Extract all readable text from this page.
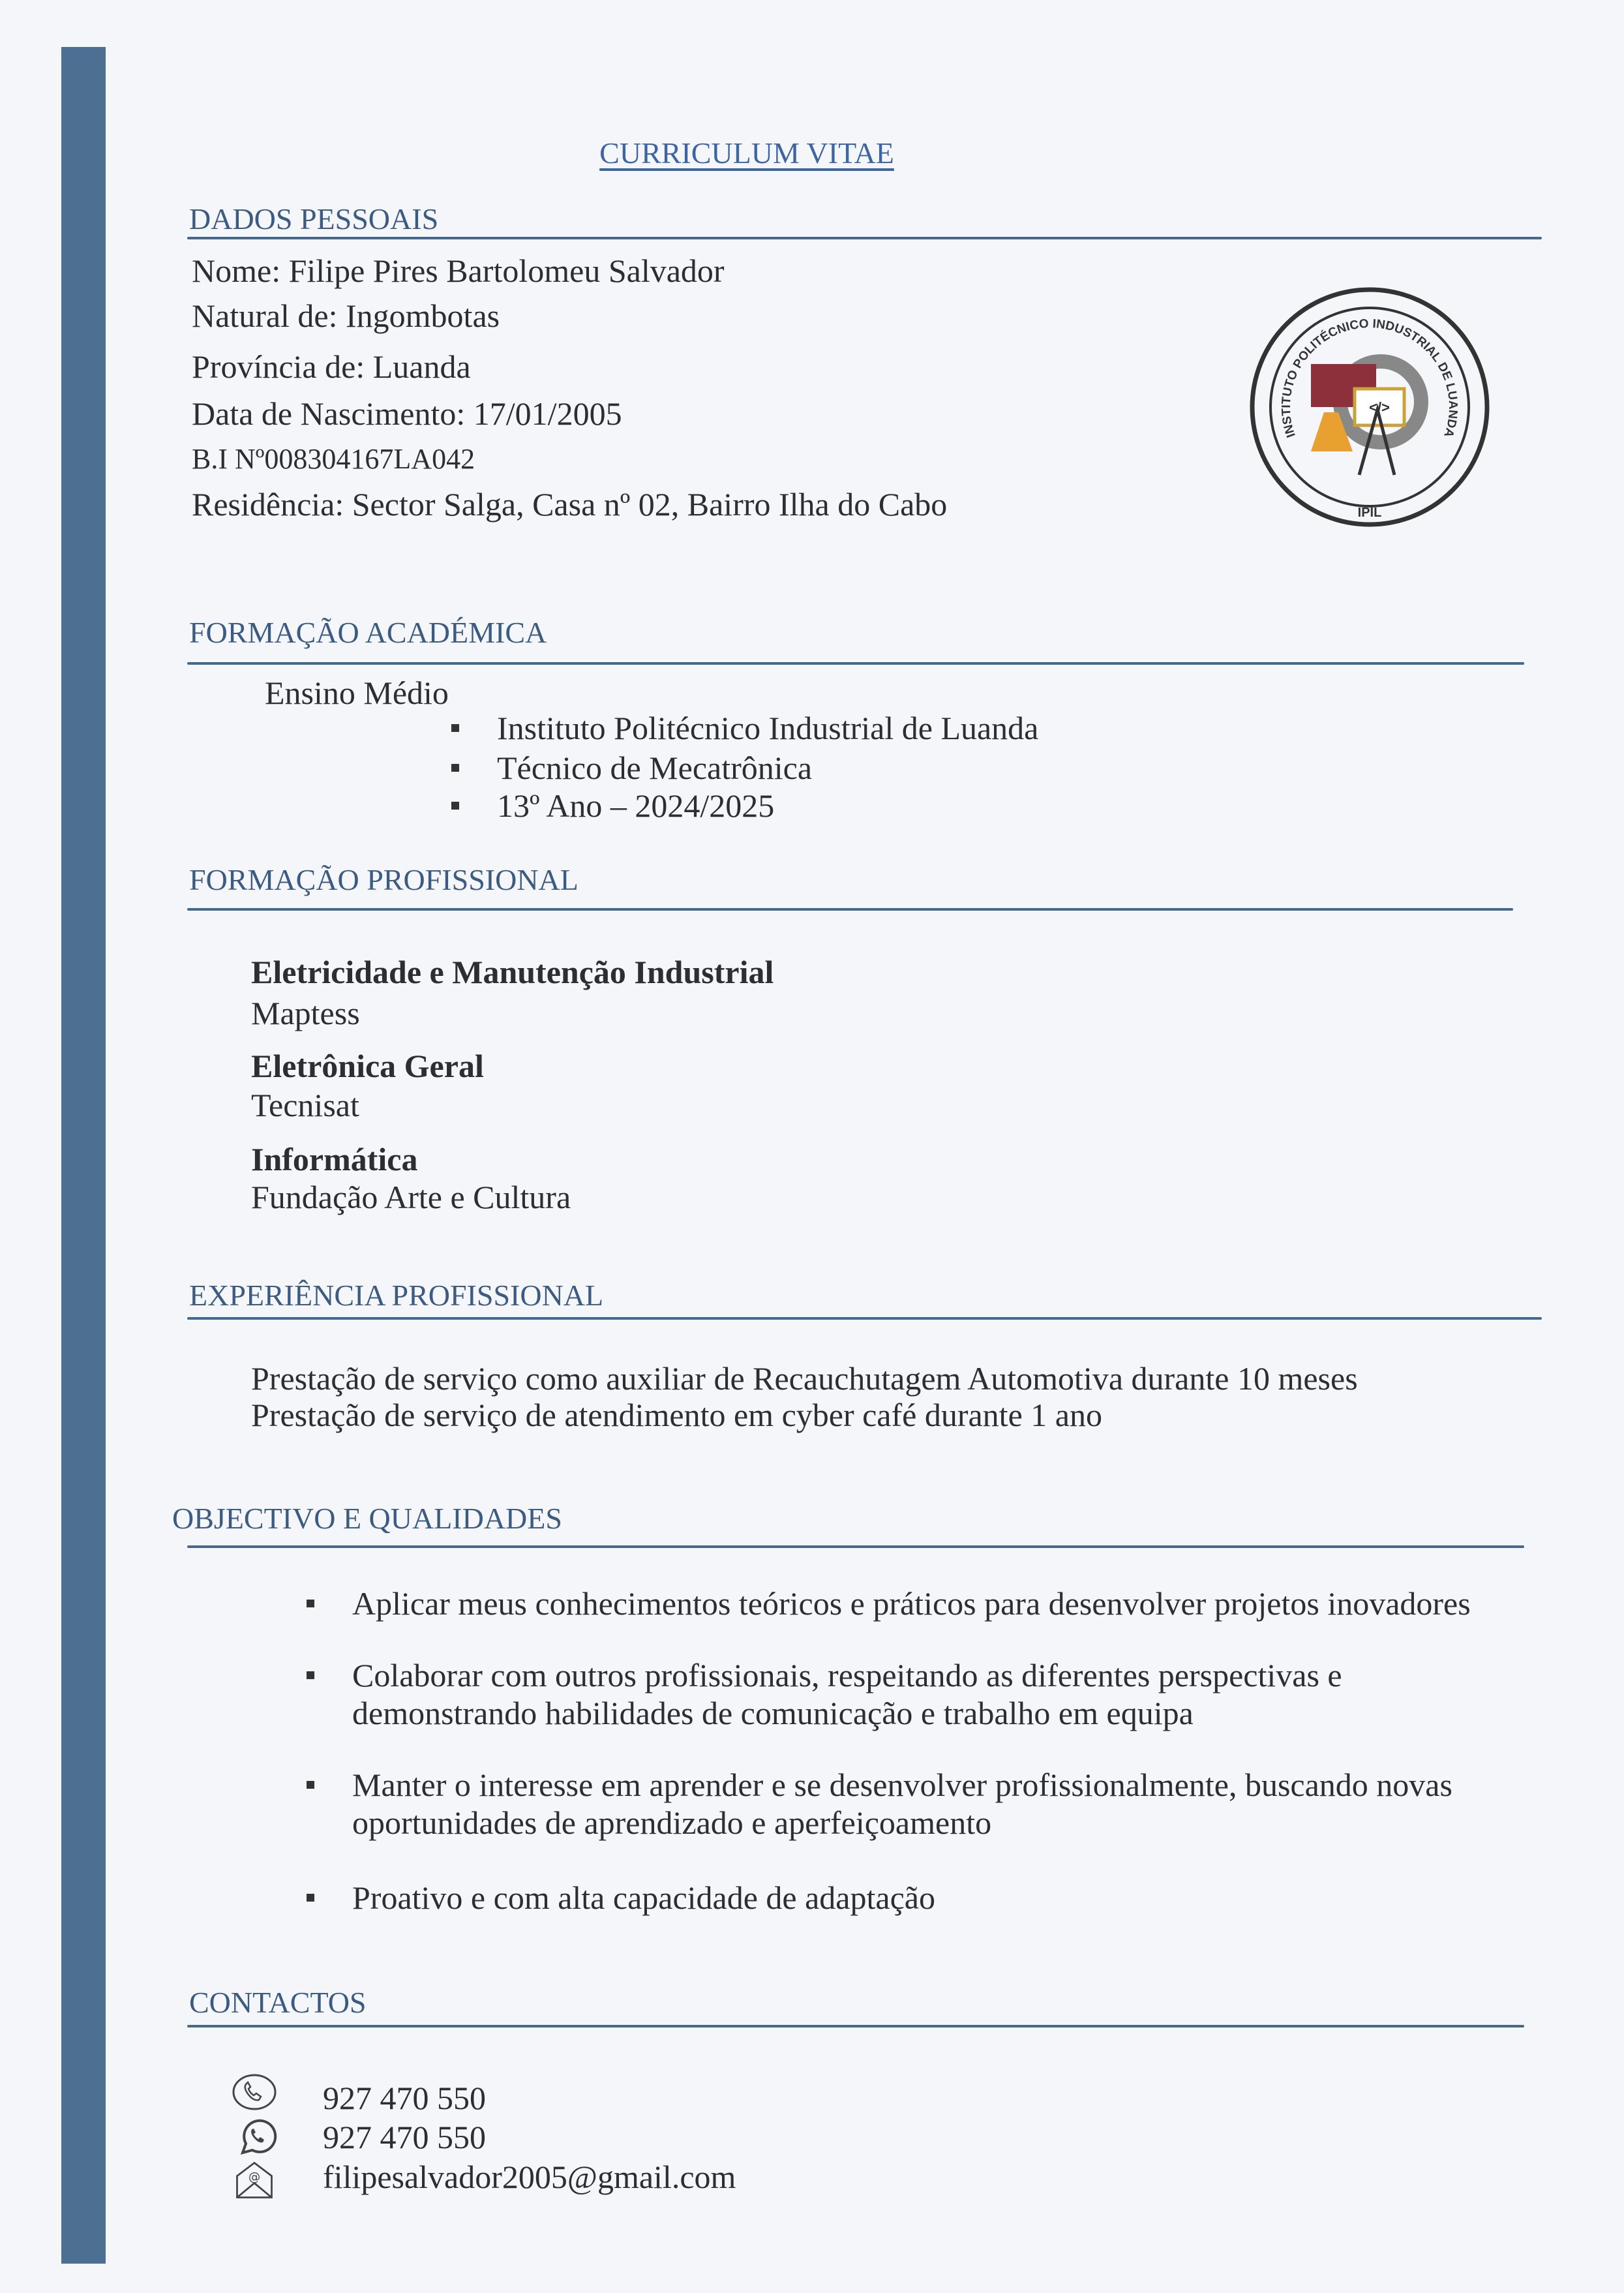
CURRICULUM VITAE
DADOS PESSOAIS
Nome: Filipe Pires Bartolomeu Salvador
Natural de: Ingombotas
Província de: Luanda
Data de Nascimento: 17/01/2005
B.I Nº008304167LA042
Residência: Sector Salga, Casa nº 02, Bairro Ilha do Cabo
</>
INSTITUTO POLITÉCNICO INDUSTRIAL DE LUANDA
IPIL
FORMAÇÃO ACADÉMICA
Ensino Médio
Instituto Politécnico Industrial de Luanda
Técnico de Mecatrônica
13º Ano – 2024/2025
FORMAÇÃO PROFISSIONAL
Eletricidade e Manutenção Industrial
Maptess
Eletrônica Geral
Tecnisat
Informática
Fundação Arte e Cultura
EXPERIÊNCIA PROFISSIONAL
Prestação de serviço como auxiliar de Recauchutagem Automotiva durante 10 meses
Prestação de serviço de atendimento em cyber café durante 1 ano
OBJECTIVO E QUALIDADES
Aplicar meus conhecimentos teóricos e práticos para desenvolver projetos inovadores
Colaborar com outros profissionais, respeitando as diferentes perspectivas e
demonstrando habilidades de comunicação e trabalho em equipa
Manter o interesse em aprender e se desenvolver profissionalmente, buscando novas
oportunidades de aprendizado e aperfeiçoamento
Proativo e com alta capacidade de adaptação
CONTACTOS
927 470 550
927 470 550
@ filipesalvador2005@gmail.com
